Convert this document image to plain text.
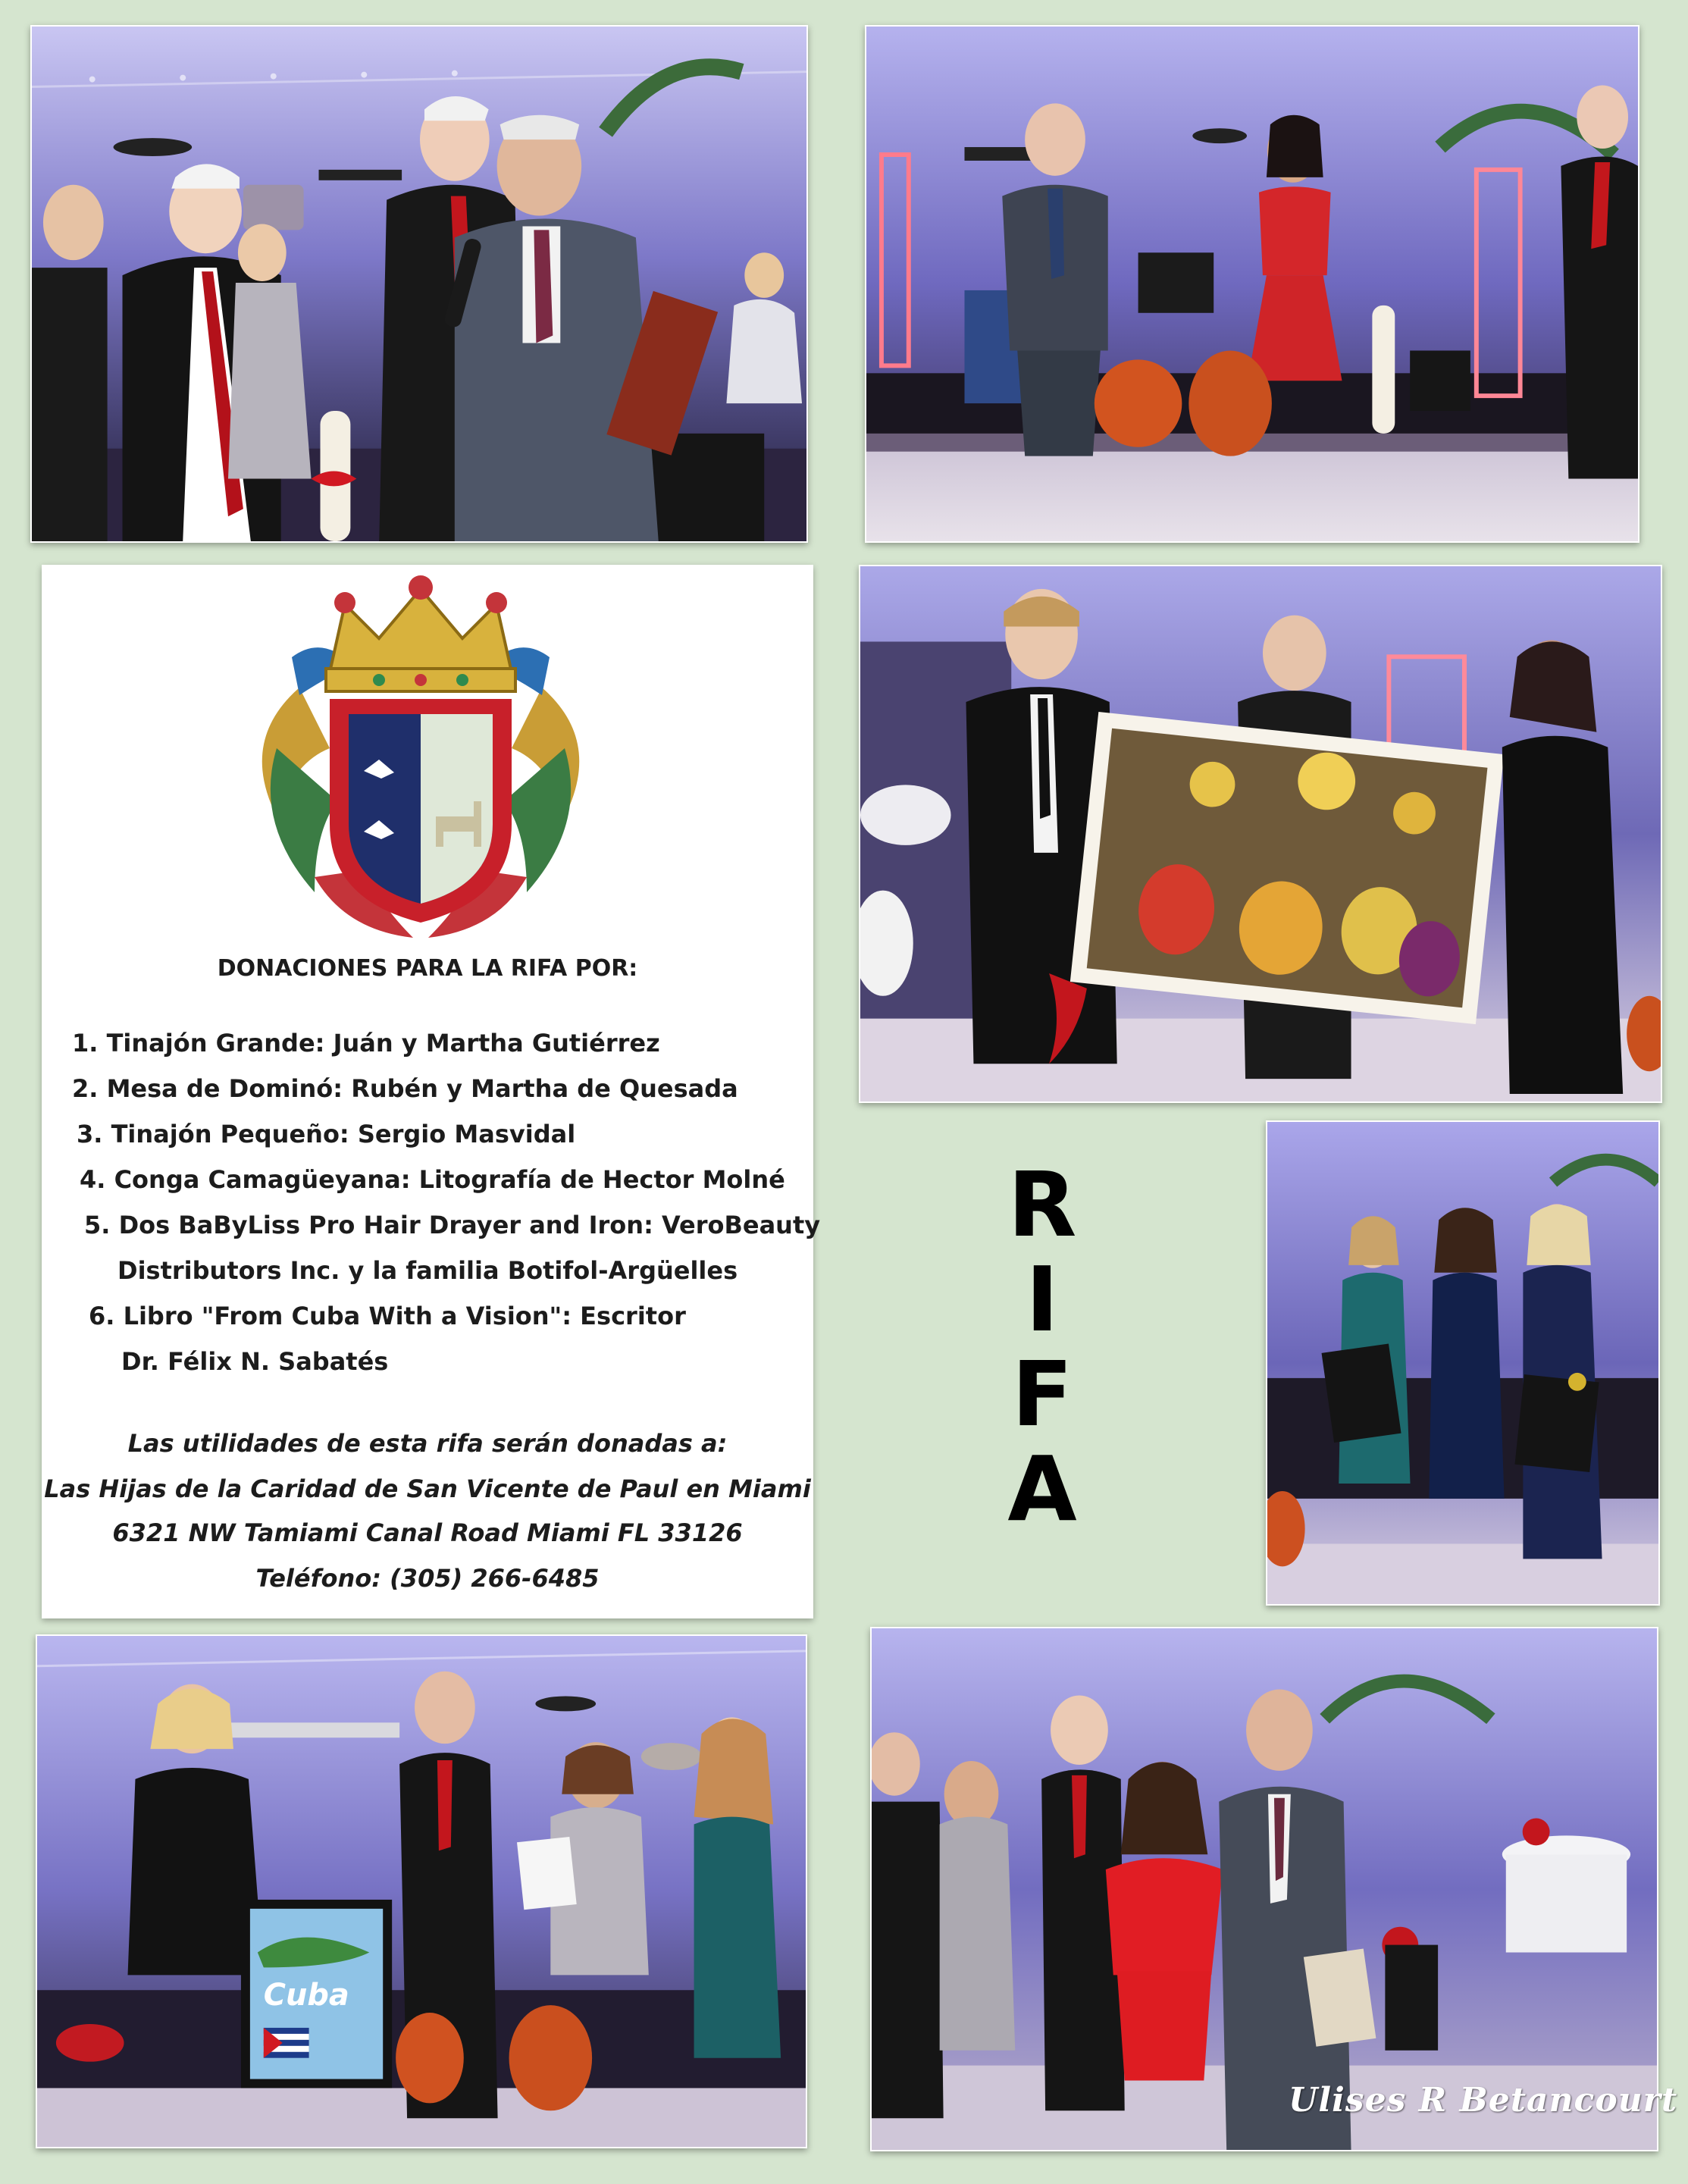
DONACIONES PARA LA RIFA POR:
1. Tinajón Grande: Juán y Martha Gutiérrez
2. Mesa de Dominó: Rubén y Martha de Quesada
3. Tinajón Pequeño: Sergio Masvidal
4. Conga Camagüeyana: Litografía de Hector Molné
5. Dos BaByLiss Pro Hair Drayer and Iron: VeroBeauty
Distributors Inc. y la familia Botifol-Argüelles
6. Libro "From Cuba With a Vision": Escritor
Dr. Félix N. Sabatés
Las utilidades de esta rifa serán donadas a:
Las Hijas de la Caridad de San Vicente de Paul en Miami
6321 NW Tamiami Canal Road Miami FL 33126
Teléfono: (305) 266-6485
R
I
F
A
Cuba
Ulises R Betancourt
